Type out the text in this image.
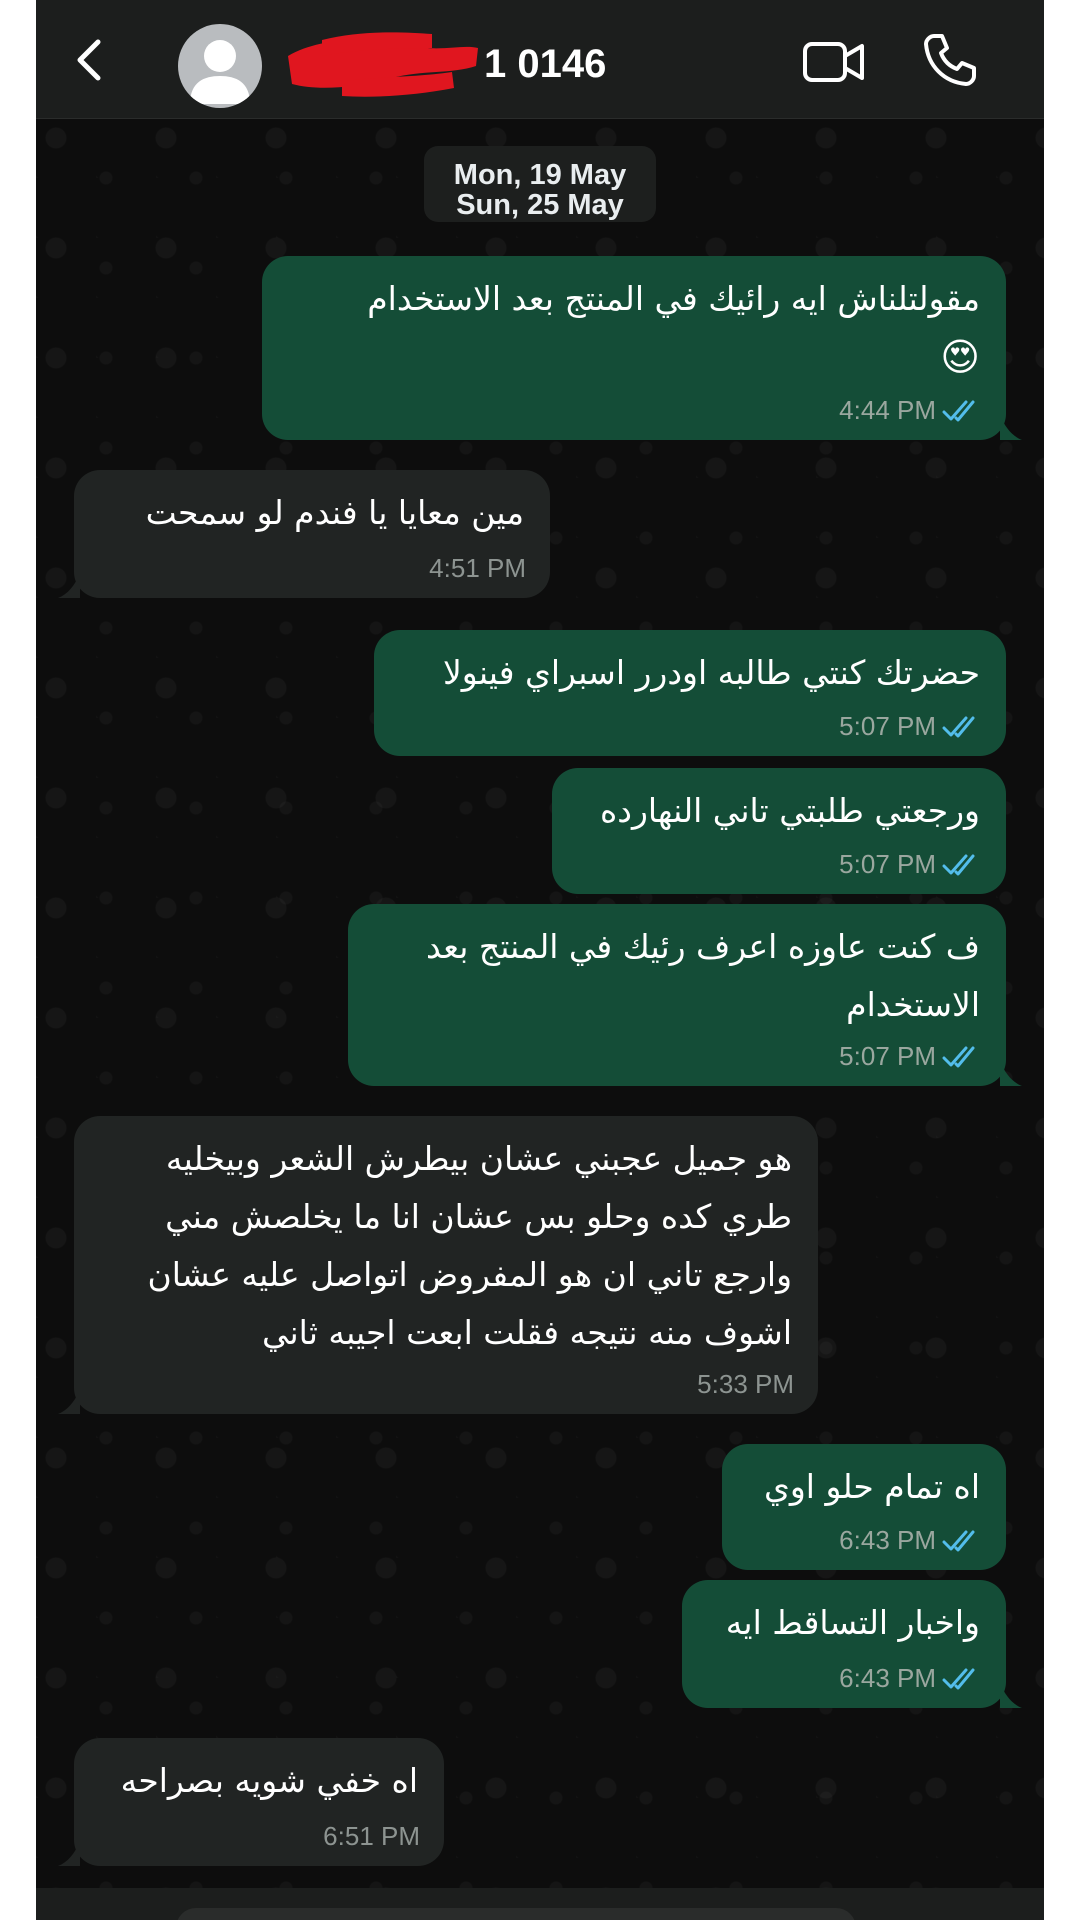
1 0146
Mon, 19 May
Sun, 25 May
مقولتلناش ايه رائيك في المنتج بعد الاستخدام
😍
4:44 PM
مين معايا يا فندم لو سمحت
4:51 PM
حضرتك كنتي طالبه اودرر اسبراي فينولا
5:07 PM
ورجعتي طلبتي تاني النهارده
5:07 PM
ف كنت عاوزه اعرف رئيك في المنتج بعد الاستخدام
5:07 PM
هو جميل عجبني عشان بيطرش الشعر وبيخليه طري كده وحلو بس عشان انا ما يخلصش مني وارجع تاني ان هو المفروض اتواصل عليه عشان اشوف منه نتيجه فقلت ابعت اجيبه ثاني
5:33 PM
اه تمام حلو اوي
6:43 PM
واخبار التساقط ايه
6:43 PM
اه خفي شويه بصراحه
6:51 PM
